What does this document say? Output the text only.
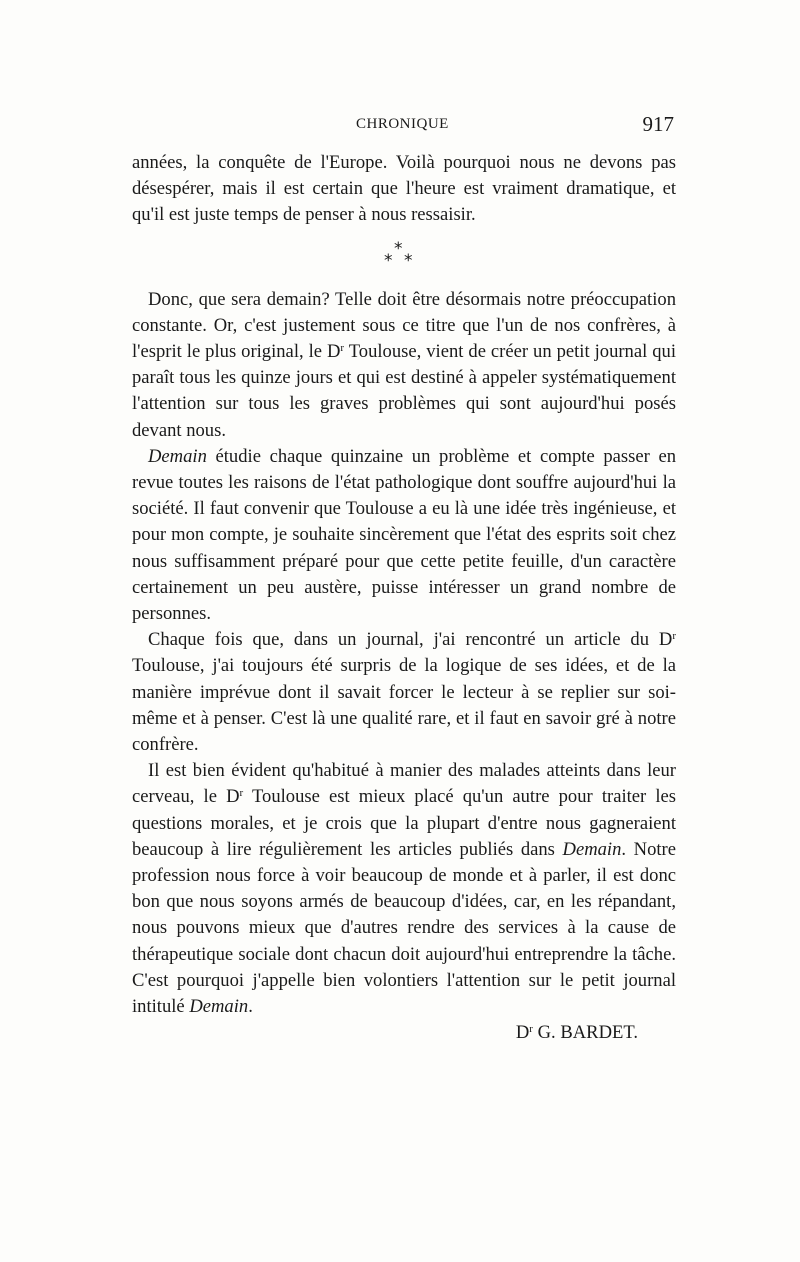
CHRONIQUE	917

années, la conquête de l'Europe. Voilà pourquoi nous ne devons pas désespérer, mais il est certain que l'heure est vraiment dramatique, et qu'il est juste temps de penser à nous ressaisir.

*
* *

Donc, que sera demain? Telle doit être désormais notre préoccupation constante. Or, c'est justement sous ce titre que l'un de nos confrères, à l'esprit le plus original, le $D^r$ Toulouse, vient de créer un petit journal qui paraît tous les quinze jours et qui est destiné à appeler systématiquement l'attention sur tous les graves problèmes qui sont aujourd'hui posés devant nous.

Demain étudie chaque quinzaine un problème et compte passer en revue toutes les raisons de l'état pathologique dont souffre aujourd'hui la société. Il faut convenir que Toulouse a eu là une idée très ingénieuse, et pour mon compte, je souhaite sincèrement que l'état des esprits soit chez nous suffisamment préparé pour que cette petite feuille, d'un caractère certainement un peu austère, puisse intéresser un grand nombre de personnes.

Chaque fois que, dans un journal, j'ai rencontré un article du $D^r$ Toulouse, j'ai toujours été surpris de la logique de ses idées, et de la manière imprévue dont il savait forcer le lecteur à se replier sur soi-même et à penser. C'est là une qualité rare, et il faut en savoir gré à notre confrère.

Il est bien évident qu'habitué à manier des malades atteints dans leur cerveau, le $D^r$ Toulouse est mieux placé qu'un autre pour traiter les questions morales, et je crois que la plupart d'entre nous gagneraient beaucoup à lire régulièrement les articles publiés dans Demain. Notre profession nous force à voir beaucoup de monde et à parler, il est donc bon que nous soyons armés de beaucoup d'idées, car, en les répandant, nous pouvons mieux que d'autres rendre des services à la cause de thérapeutique sociale dont chacun doit aujourd'hui entreprendre la tâche. C'est pourquoi j'appelle bien volontiers l'attention sur le petit journal intitulé Demain.

$D^r$ G. BARDET.
